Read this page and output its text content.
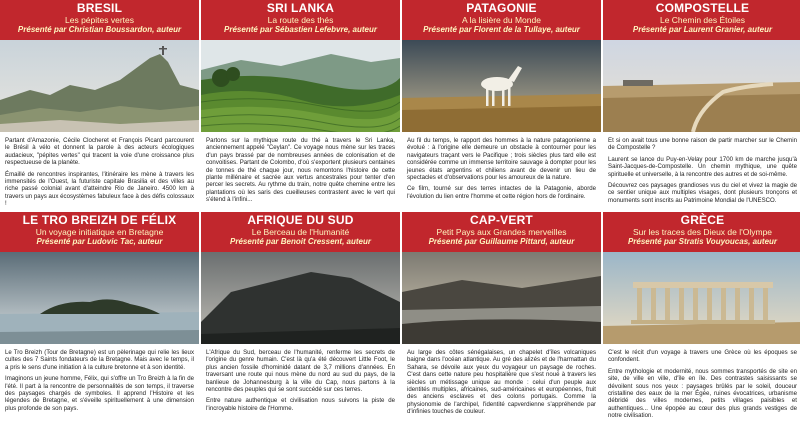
BRESIL
Les pépites vertes
Présenté par Christian Boussardon, auteur

Partant d'Amazonie, Cécile Clocheret et François Picard parcourent le Brésil à vélo et donnent la parole à des acteurs écologiques audacieux, "pépites vertes" qui tracent la voie d'une croissance plus respectueuse de la planète.

Émaillé de rencontres inspirantes, l'itinéraire les mène à travers les immensités de l'Ouest, la futuriste capitale Brasilia et des villes au riche passé colonial avant d'atteindre Rio de Janeiro. 4500 km à travers un pays aux écosystèmes fabuleux face à des défis colossaux !

SRI LANKA
La route des thés
Présenté par Sébastien Lefebvre, auteur

Partons sur la mythique route du thé à travers le Sri Lanka, anciennement appelé "Ceylan". Ce voyage nous mène sur les traces d'un pays brassé par de nombreuses années de colonisation et de convoitises. Partant de Colombo, d'où s'exportent plusieurs centaines de tonnes de thé chaque jour, nous remontons l'histoire de cette plante millénaire et sacrée aux vertus ancestrales pour tenter d'en percer les secrets. Au rythme du train, notre quête chemine entre les plantations où les saris des cueilleuses contrastent avec le vert qui s'étend à l'infini...

PATAGONIE
A la lisière du Monde
Présenté par Florent de la Tullaye, auteur

Au fil du temps, le rapport des hommes à la nature patagonienne a évolué : à l'origine elle demeure un obstacle à contourner pour les navigateurs traçant vers le Pacifique ; trois siècles plus tard elle est considérée comme un immense territoire sauvage à dompter pour les jeunes états argentins et chiliens avant de devenir un lieu de spectacles et d'observations pour les amoureux de la nature.

Ce film, tourné sur des terres intactes de la Patagonie, aborde l'évolution du lien entre l'homme et cette région hors de l'ordinaire.

COMPOSTELLE
Le Chemin des Étoiles
Présenté par Laurent Granier, auteur

Et si on avait tous une bonne raison de partir marcher sur le Chemin de Compostelle ?

Laurent se lance du Puy-en-Velay pour 1700 km de marche jusqu'à Saint-Jacques-de-Compostelle. Un chemin mythique, une quête spirituelle et universelle, à la rencontre des autres et de soi-même.

Découvrez ces paysages grandioses vus du ciel et vivez la magie de ce sentier unique aux multiples visages, dont plusieurs tronçons et monuments sont inscrits au Patrimoine Mondial de l'UNESCO.

LE TRO BREIZH DE FÉLIX
Un voyage initiatique en Bretagne
Présenté par Ludovic Tac, auteur

Le Tro Breizh (Tour de Bretagne) est un pèlerinage qui relie les lieux cultes des 7 Saints fondateurs de la Bretagne. Mais avec le temps, il a pris le sens d'une initiation à la culture bretonne et à son identité.

Imaginons un jeune homme, Félix, qui s'offre un Tro Breizh à la fin de l'été. Il part à la rencontre de personnalités de son temps, il traverse des paysages chargés de symboles. Il apprend l'Histoire et les légendes de Bretagne, et s'éveille spirituellement à une dimension plus profonde de son pays.

AFRIQUE DU SUD
Le Berceau de l'Humanité
Présenté par Benoit Cressent, auteur

L'Afrique du Sud, berceau de l'humanité, renferme les secrets de l'origine du genre humain. C'est là qu'a été découvert Little Foot, le plus ancien fossile d'hominidé datant de 3,7 millions d'années. En traversant une route qui nous mène du nord au sud du pays, de la banlieue de Johannesburg à la ville du Cap, nous partons à la rencontre des peuples qui se sont succédé sur ces terres.

Entre nature authentique et civilisation nous suivons la piste de l'incroyable histoire de l'Homme.

CAP-VERT
Petit Pays aux Grandes merveilles
Présenté par Guillaume Pittard, auteur

Au large des côtes sénégalaises, un chapelet d'îles volcaniques baigne dans l'océan atlantique. Au gré des alizés et de l'harmattan du Sahara, se dévoile aux yeux du voyageur un paysage de roches. C'est dans cette nature peu hospitalière que s'est noué à travers les siècles un métissage unique au monde : celui d'un peuple aux identités multiples, africaines, sud-américaines et européennes, fruit des anciens esclaves et des colons portugais. Comme la physionomie de l'archipel, l'identité capverdienne s'appréhende par d'infinies touches de couleur.

GRÈCE
Sur les traces des Dieux de l'Olympe
Présenté par Stratis Vouyoucas, auteur

C'est le récit d'un voyage à travers une Grèce où les époques se confondent.

Entre mythologie et modernité, nous sommes transportés de site en site, de ville en ville, d'île en île. Des contrastes saisissants se dévoilent sous nos yeux : paysages brûlés par le soleil, douceur cristalline des eaux de la mer Égée, ruines évocatrices, urbanisme débridé des villes modernes, petits villages paisibles et authentiques... Une épopée au cœur des plus grands vestiges de notre civilisation.
